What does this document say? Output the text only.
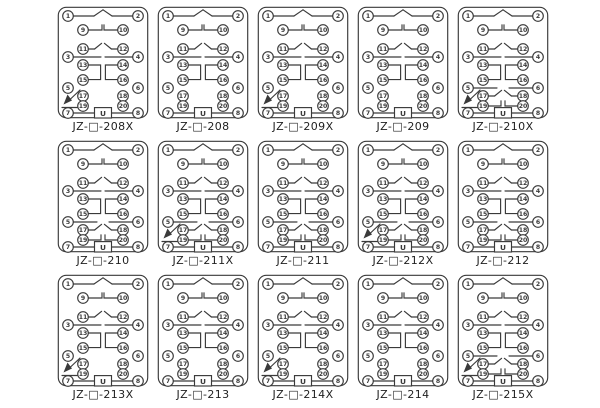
1	2
3	4
5	6
7	8
9	10
11	12
13	14
15	16
17	18
19	20
U
JZ-□-208X
1	2
3	4
5	6
7	8
9	10
11	12
13	14
15	16
17	18
19	20
U
JZ-□-208
1	2
3	4
5	6
7	8
9	10
11	12
13	14
15	16
17	18
19	20
U
JZ-□-209X
1	2
3	4
5	6
7	8
9	10
11	12
13	14
15	16
17	18
19	20
U
JZ-□-209
1	2
3	4
5	6
7	8
9	10
11	12
13	14
15	16
17	18
19	20
U
JZ-□-210X
1	2
3	4
5	6
7	8
9	10
11	12
13	14
15	16
17	18
19	20
U
JZ-□-210
1	2
3	4
5	6
7	8
9	10
11	12
13	14
15	16
17	18
19	20
U
JZ-□-211X
1	2
3	4
5	6
7	8
9	10
11	12
13	14
15	16
17	18
19	20
U
JZ-□-211
1	2
3	4
5	6
7	8
9	10
11	12
13	14
15	16
17	18
19	20
U
JZ-□-212X
1	2
3	4
5	6
7	8
9	10
11	12
13	14
15	16
17	18
19	20
U
JZ-□-212
1	2
3	4
5	6
7	8
9	10
11	12
13	14
15	16
17	18
19	20
U
JZ-□-213X
1	2
3	4
5	6
7	8
9	10
11	12
13	14
15	16
17	18
19	20
U
JZ-□-213
1	2
3	4
5	6
7	8
9	10
11	12
13	14
15	16
17	18
19	20
U
JZ-□-214X
1	2
3	4
5	6
7	8
9	10
11	12
13	14
15	16
17	18
19	20
U
JZ-□-214
1	2
3	4
5	6
7	8
9	10
11	12
13	14
15	16
17	18
19	20
U
JZ-□-215X
